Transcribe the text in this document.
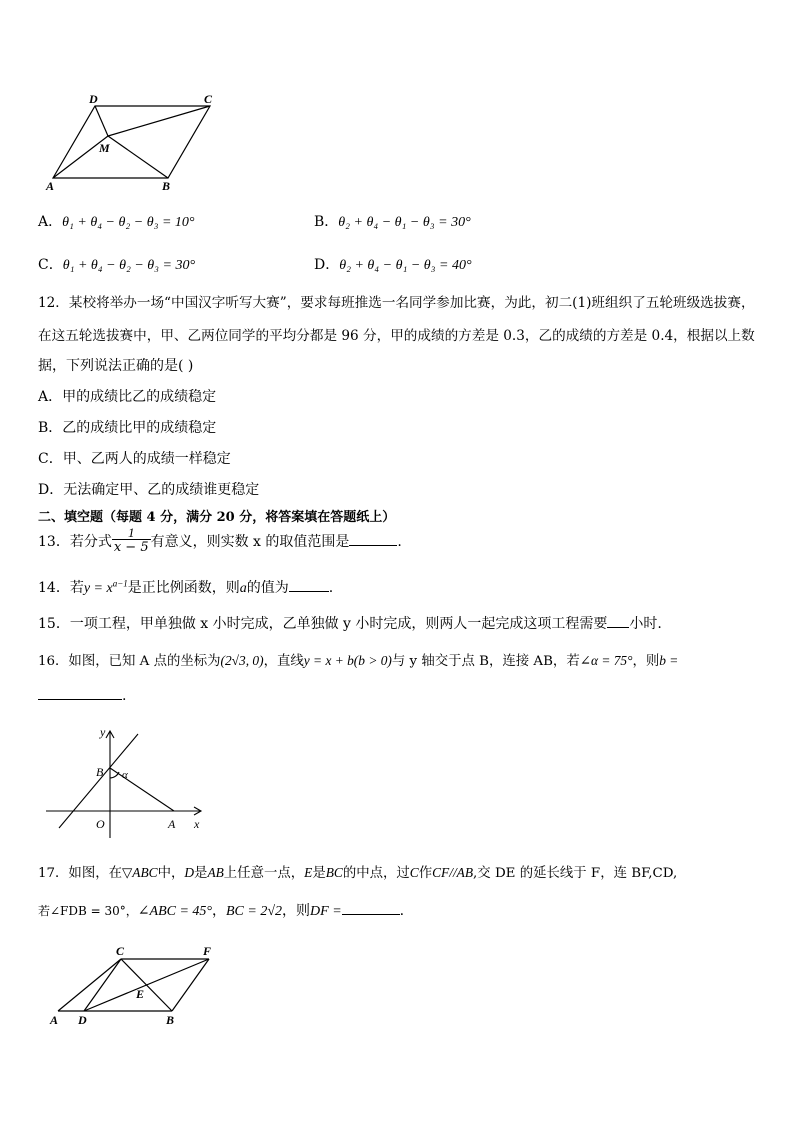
D	C
M
A	B
A．θ₁ + θ₄ − θ₂ − θ₃ = 10°	B．θ₂ + θ₄ − θ₁ − θ₃ = 30°
C．θ₁ + θ₄ − θ₂ − θ₃ = 30°	D．θ₂ + θ₄ − θ₁ − θ₃ = 40°
12．某校将举办一场“中国汉字听写大赛”，要求每班推选一名同学参加比赛，为此，初二(1)班组织了五轮班级选拔赛，
在这五轮选拔赛中，甲、乙两位同学的平均分都是 96 分，甲的成绩的方差是 0.3，乙的成绩的方差是 0.4，根据以上数
据，下列说法正确的是( )
A．甲的成绩比乙的成绩稳定
B．乙的成绩比甲的成绩稳定
C．甲、乙两人的成绩一样稳定
D．无法确定甲、乙的成绩谁更稳定
二、填空题（每题 4 分，满分 20 分，将答案填在答题纸上）
13．若分式 $\frac{1}{x - 5}$ 有意义，则实数 x 的取值范围是	.
14．若$y = x^{a-1}$是正比例函数，则a的值为	.
15．一项工程，甲单独做 x 小时完成，乙单独做 y 小时完成，则两人一起完成这项工程需要 小时.
16．如图，已知 A 点的坐标为(2√3, 0)，直线y = x + b(b > 0)与 y 轴交于点 B，连接 AB，若∠α = 75°，则b =
.
y
x
B α
O	A
17．如图，在▽ABC中，D是AB上任意一点，E是BC的中点，过C作CF//AB,交 DE 的延长线于 F，连 BF,CD,
若∠FDB = 30°，∠ABC = 45°，BC = 2√2，则DF =	.
C	F
E
A D	B
